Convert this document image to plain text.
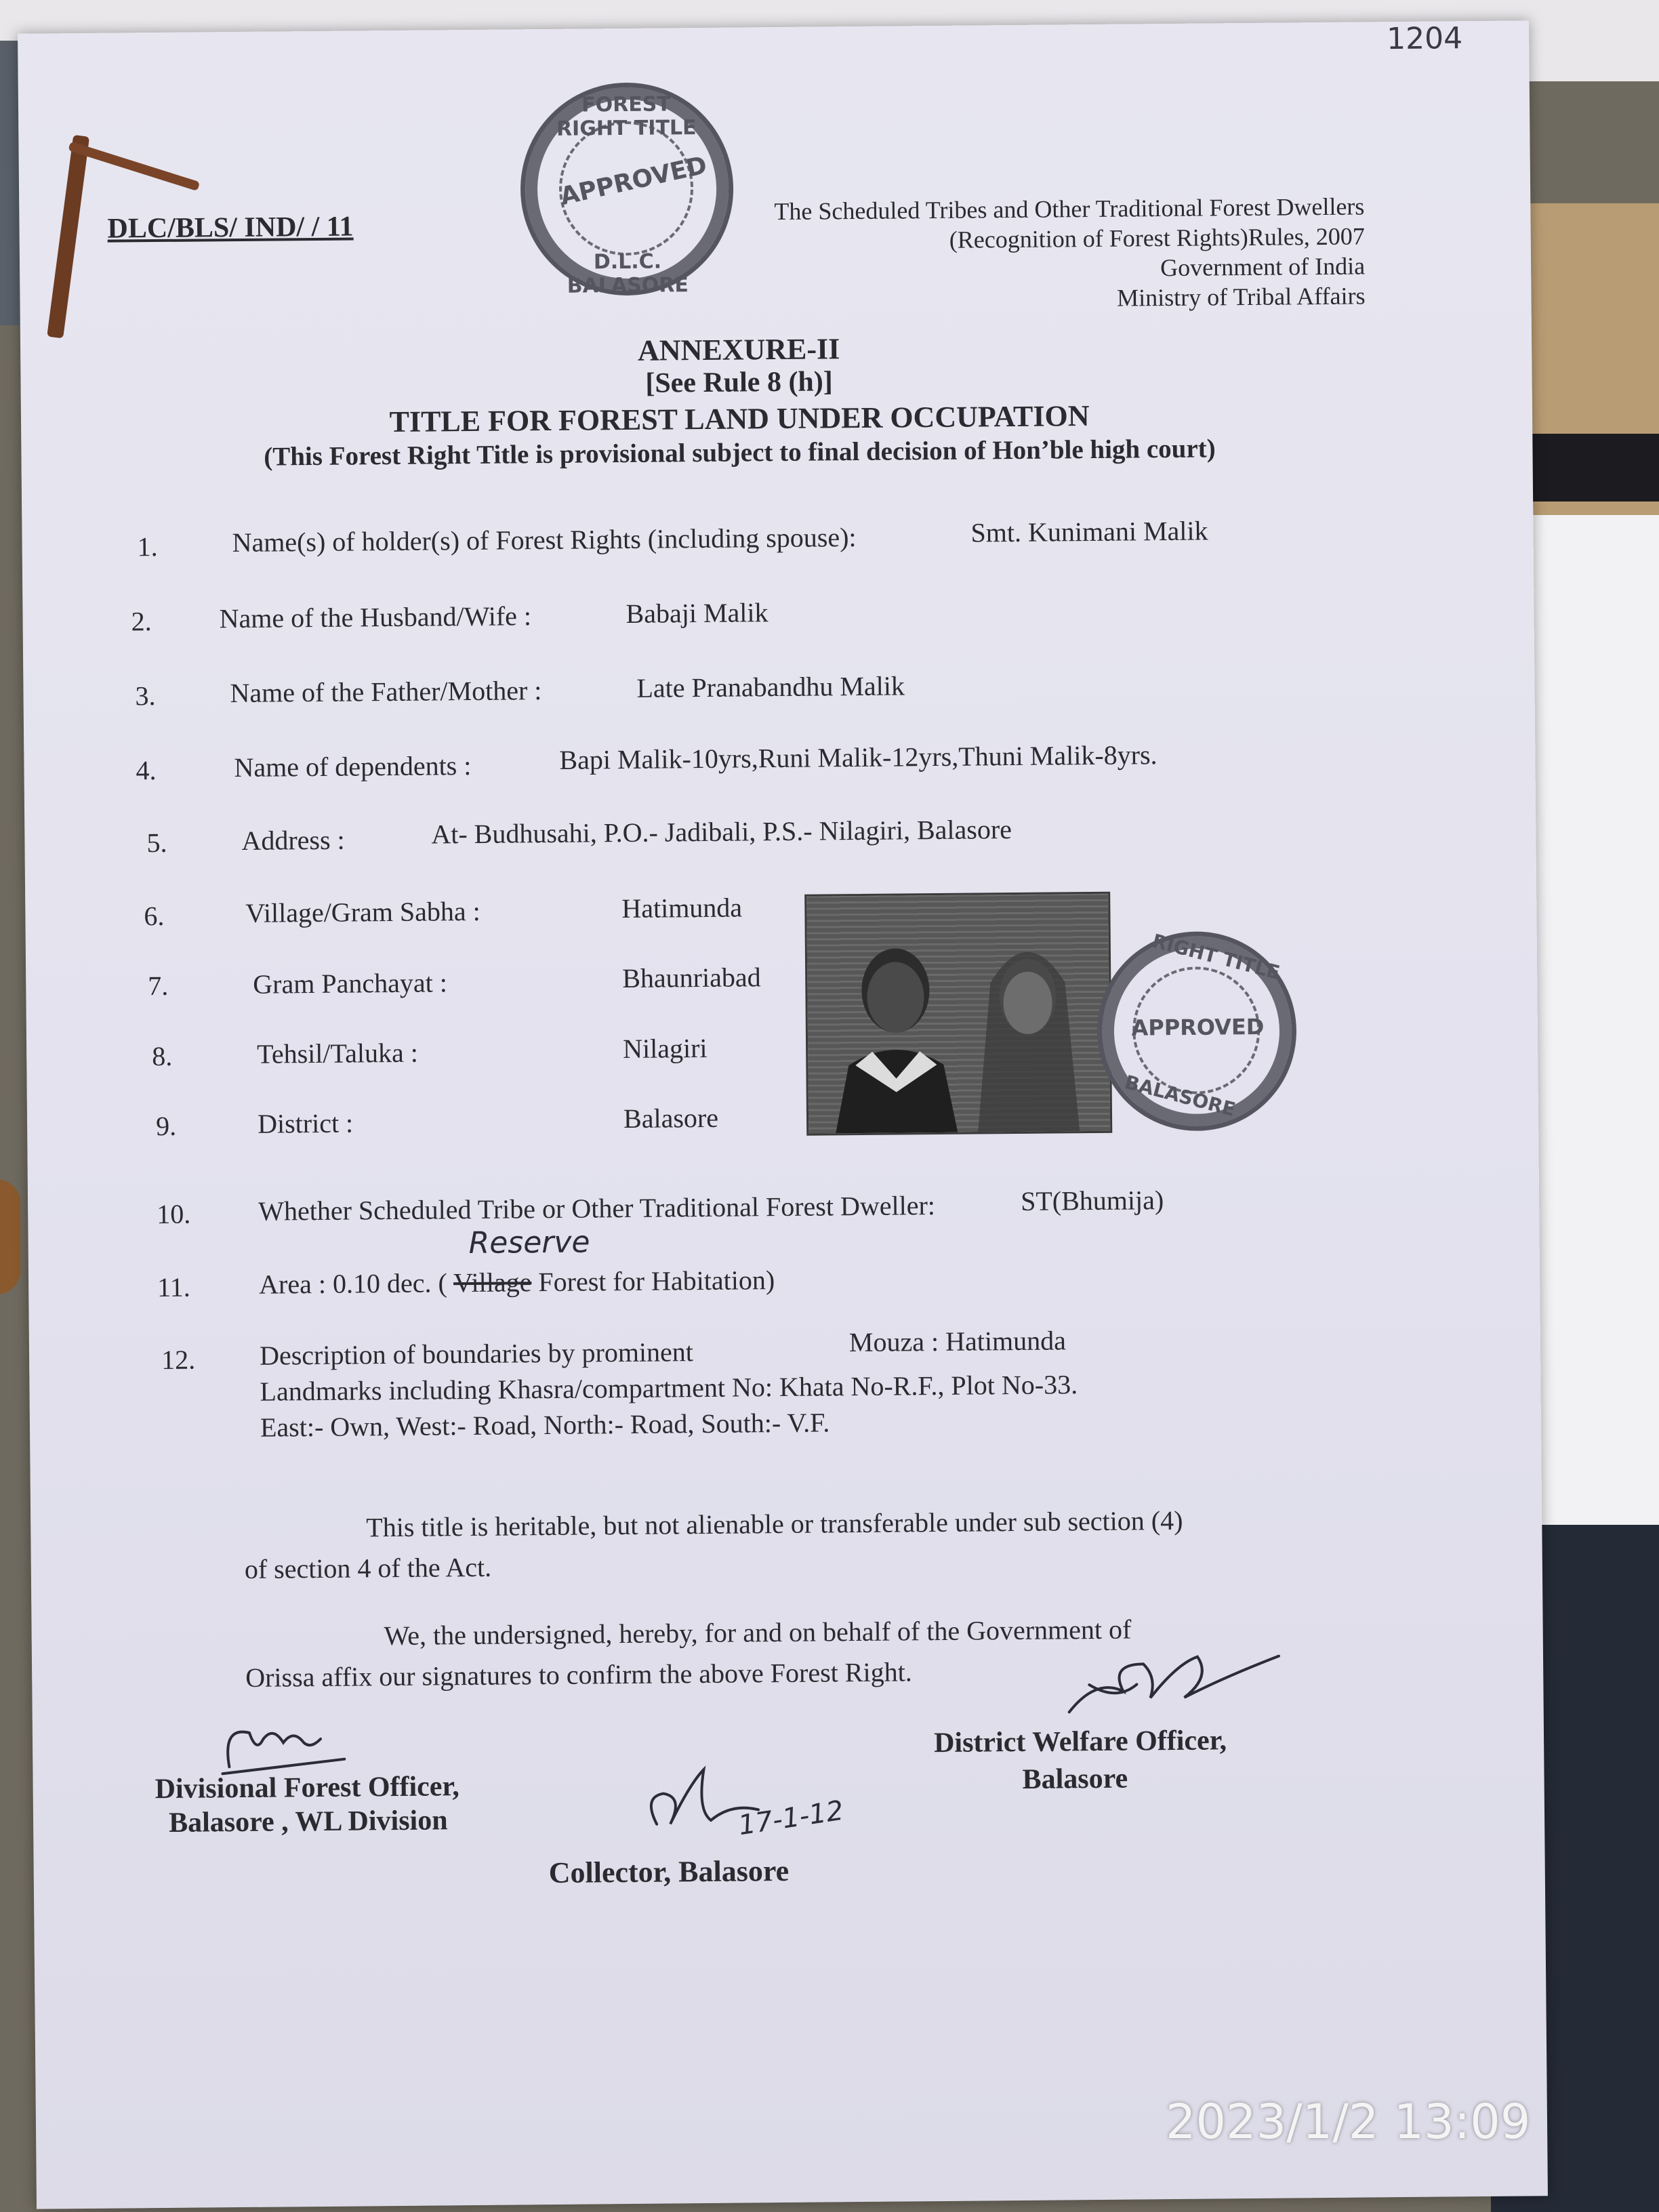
1204
DLC/BLS/ IND/ / 11
The Scheduled Tribes and Other Traditional Forest Dwellers
(Recognition of Forest Rights)Rules, 2007
Government of India
Ministry of Tribal Affairs
FOREST RIGHT TITLE
APPROVED
D.L.C. BALASORE
ANNEXURE-II
[See Rule 8 (h)]
TITLE FOR FOREST LAND UNDER OCCUPATION
(This Forest Right Title is provisional subject to final decision of Hon’ble high court)
1.	Name(s) of holder(s) of Forest Rights (including spouse):	Smt. Kunimani Malik
2. Name of the Husband/Wife :	Babaji Malik
3.	Name of the Father/Mother :	Late Pranabandhu Malik
4.	Name of dependents :	Bapi Malik-10yrs,Runi Malik-12yrs,Thuni Malik-8yrs.
5.	Address :	At- Budhusahi, P.O.- Jadibali, P.S.- Nilagiri, Balasore
6.	Village/Gram Sabha :	Hatimunda
7.	Gram Panchayat :	Bhaunriabad
8.	Tehsil/Taluka :	Nilagiri
9.	District :	Balasore
RIGHT TITLE
APPROVED
BALASORE
10. Whether Scheduled Tribe or Other Traditional Forest Dweller:	ST(Bhumija)
11.	Area : 0.10 dec. ( Village Forest for Habitation)
Reserve
12. Description of boundaries by prominent	Mouza : Hatimunda
Landmarks including Khasra/compartment No: Khata No-R.F., Plot No-33.
East:- Own, West:- Road, North:- Road, South:- V.F.
This title is heritable, but not alienable or transferable under sub section (4)
of section 4 of the Act.
We, the undersigned, hereby, for and on behalf of the Government of
Orissa affix our signatures to confirm the above Forest Right.
Divisional Forest Officer,
Balasore , WL Division	17-1-12
Collector, Balasore
District Welfare Officer,
Balasore
2023/1/2 13:09
